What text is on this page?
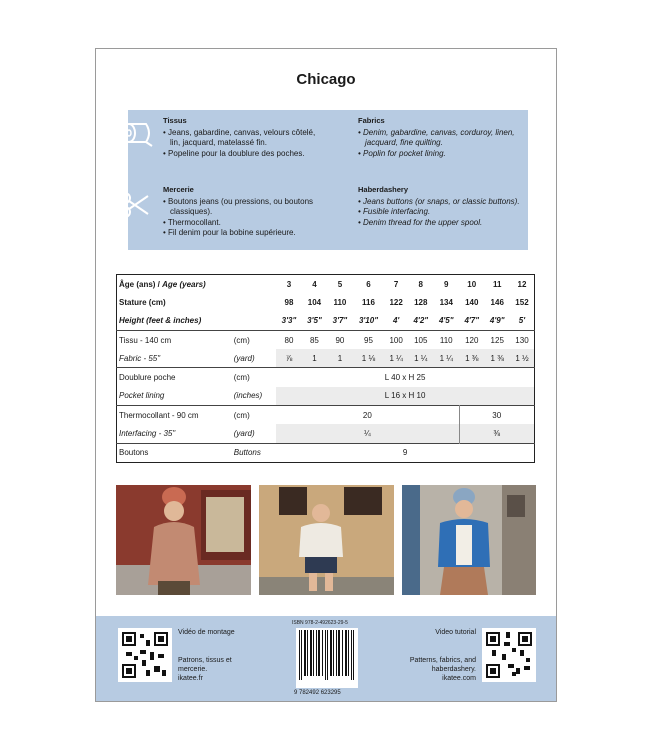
Chicago
Tissus
• Jeans, gabardine, canvas, velours côtelé, lin, jacquard, matelassé fin.
• Popeline pour la doublure des poches.
Fabrics
• Denim, gabardine, canvas, corduroy, linen, jacquard, fine quilting.
• Poplin for pocket lining.
Mercerie
• Boutons jeans (ou pressions, ou boutons classiques).
• Thermocollant.
• Fil denim pour la bobine supérieure.
Haberdashery
• Jeans buttons (or snaps, or classic buttons).
• Fusible interfacing.
• Denim thread for the upper spool.
Âge (ans) / Age (years)		3	4	5	6	7	8	9	10	11	12
Stature (cm)		98	104	110	116	122	128	134	140	146	152
Height (feet & inches)		3'3"	3'5"	3'7"	3'10"	4'	4'2"	4'5"	4'7"	4'9"	5'
Tissu - 140 cm	(cm)	80	85	90	95	100	105	110	120	125	130
Fabric - 55"	(yard)	⅞	1	1	1 ⅛	1 ¼	1 ¼	1 ¼	1 ⅜	1 ⅜	1 ½
Doublure poche	(cm)	L 40 x H 25									
Pocket lining	(inches)	L 16 x H 10									
Thermocollant - 90 cm	(cm)	20							30		
Interfacing - 35"	(yard)	¼							⅜		
Boutons	Buttons	9									
Vidéo de montage
Patrons, tissus et mercerie.
ikatee.fr
ISBN 978-2-492623-29-5
9 782492 623295
Video tutorial
Patterns, fabrics, and haberdashery.
ikatee.com
